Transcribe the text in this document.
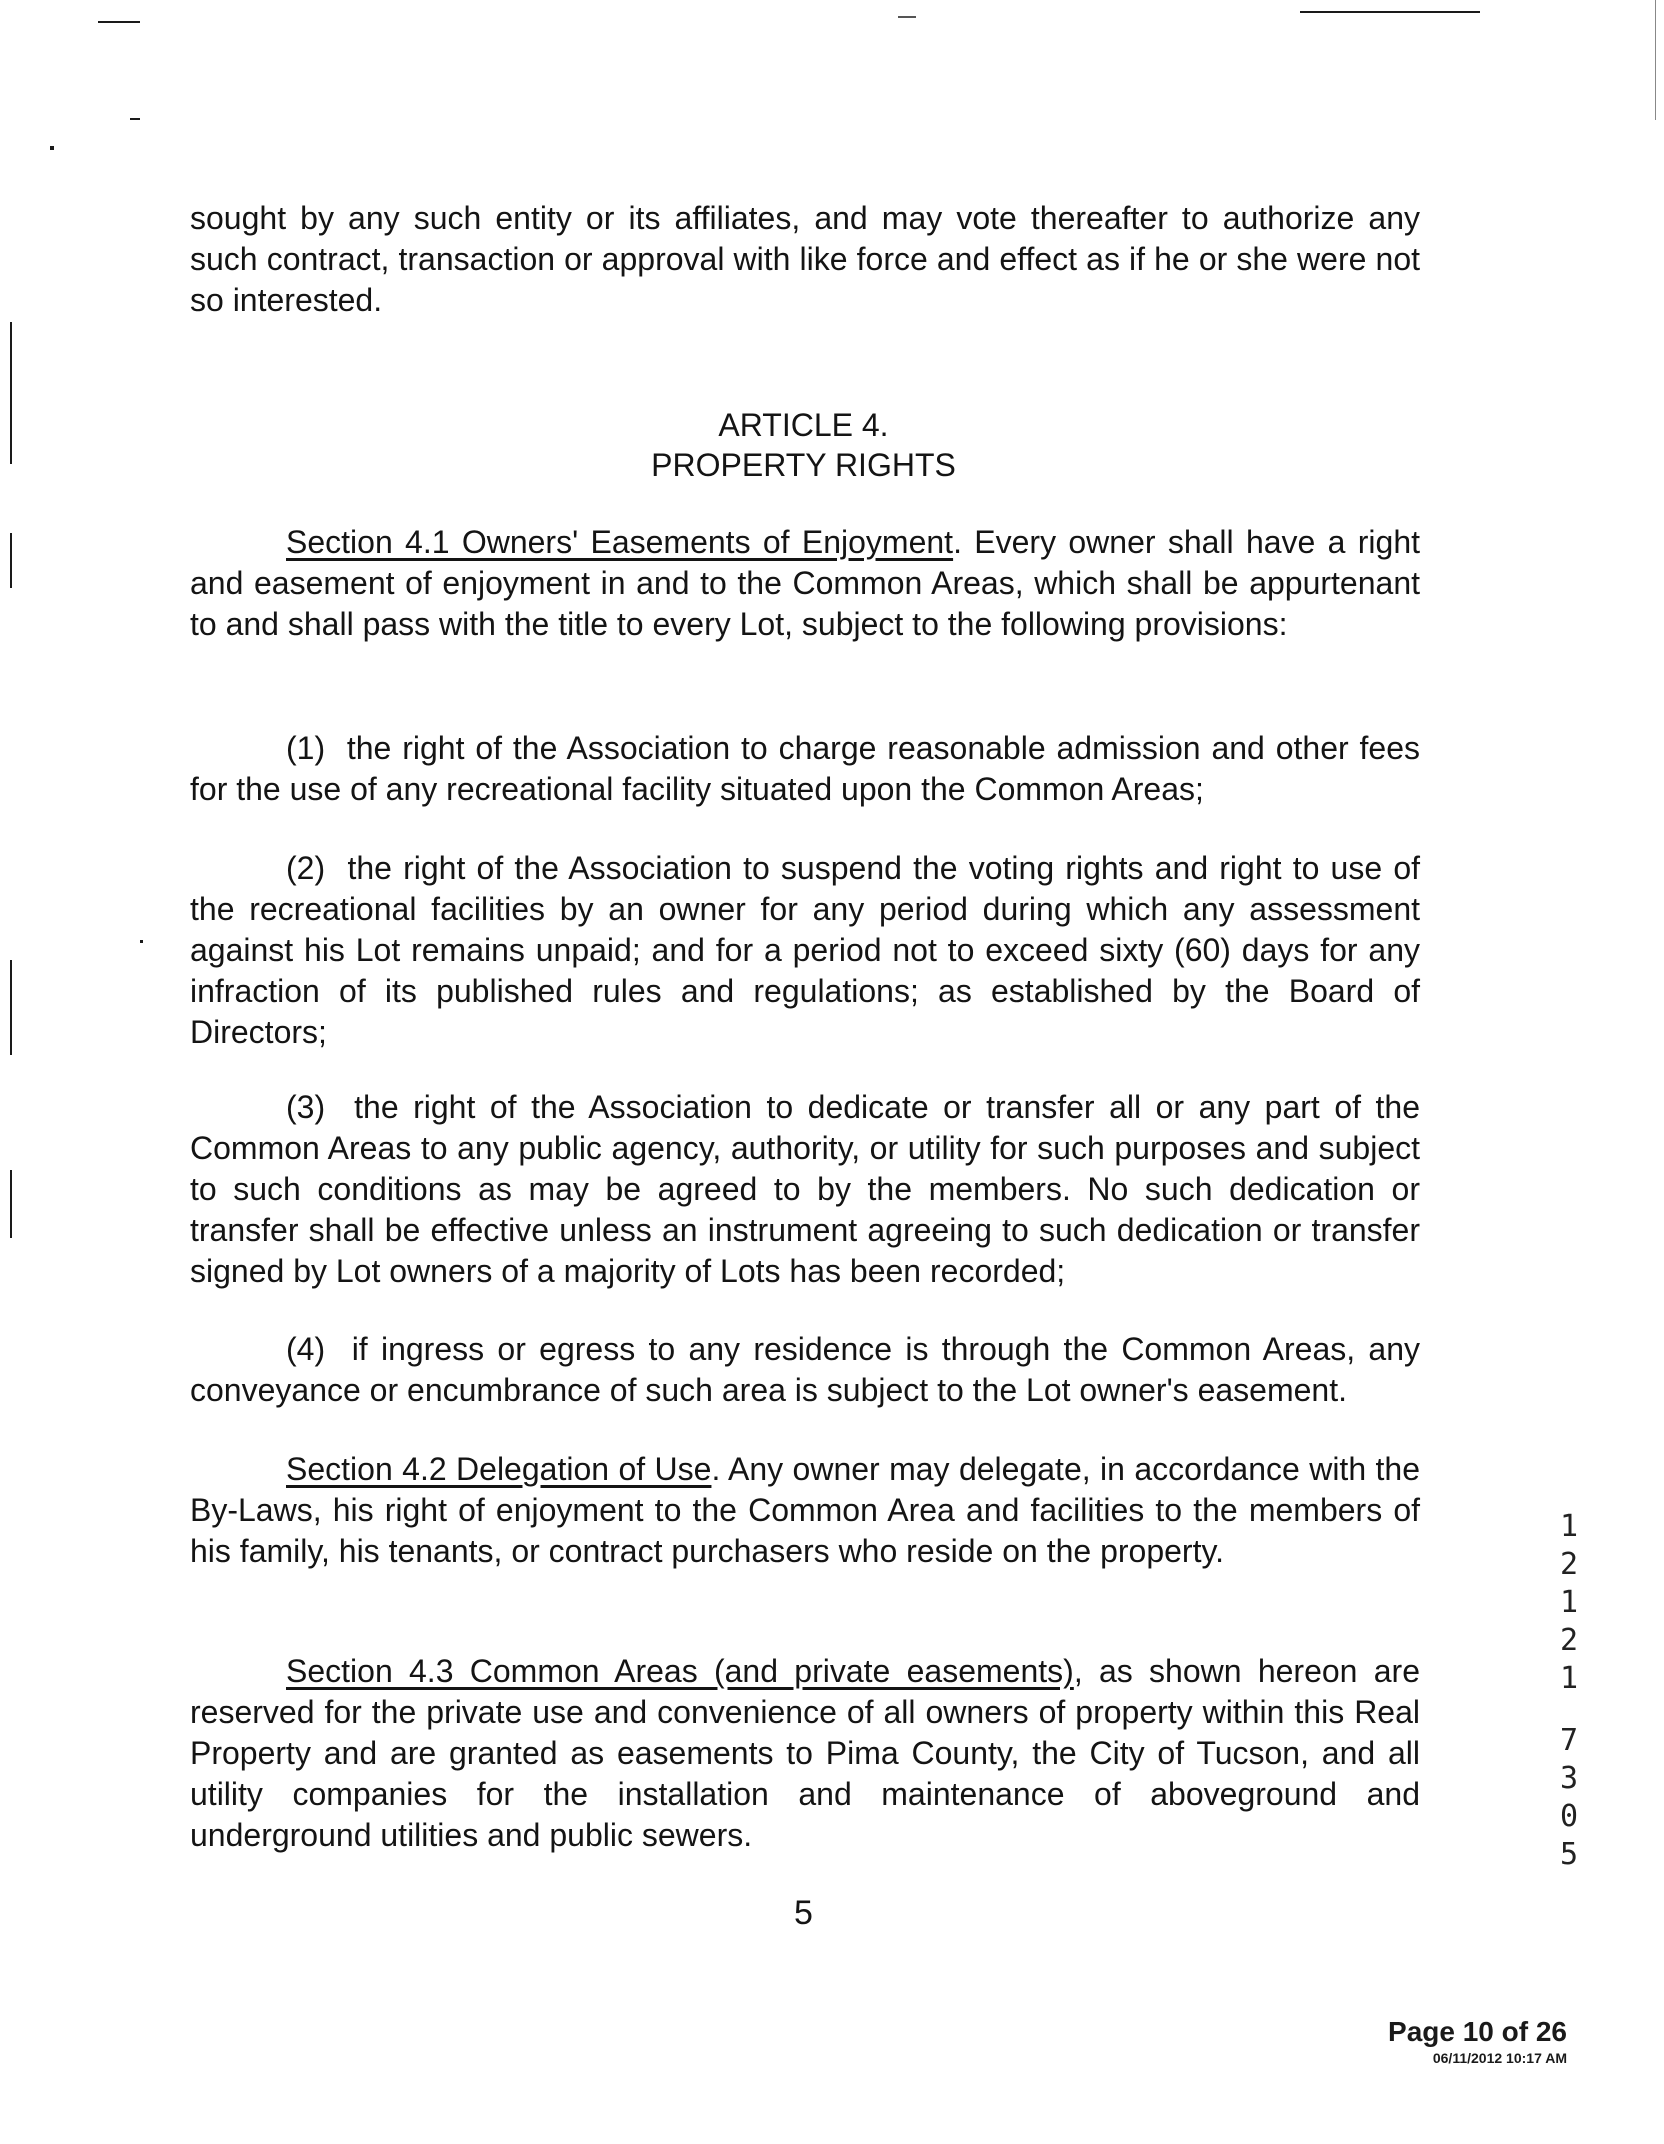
sought by any such entity or its affiliates, and may vote thereafter to authorize any such contract, transaction or approval with like force and effect as if he or she were not so interested.

ARTICLE 4.
PROPERTY RIGHTS

Section 4.1 Owners' Easements of Enjoyment. Every owner shall have a right and easement of enjoyment in and to the Common Areas, which shall be appurtenant to and shall pass with the title to every Lot, subject to the following provisions:

(1) the right of the Association to charge reasonable admission and other fees for the use of any recreational facility situated upon the Common Areas;

(2) the right of the Association to suspend the voting rights and right to use of the recreational facilities by an owner for any period during which any assessment against his Lot remains unpaid; and for a period not to exceed sixty (60) days for any infraction of its published rules and regulations; as established by the Board of Directors;

(3) the right of the Association to dedicate or transfer all or any part of the Common Areas to any public agency, authority, or utility for such purposes and subject to such conditions as may be agreed to by the members. No such dedication or transfer shall be effective unless an instrument agreeing to such dedication or transfer signed by Lot owners of a majority of Lots has been recorded;

(4) if ingress or egress to any residence is through the Common Areas, any conveyance or encumbrance of such area is subject to the Lot owner's easement.

Section 4.2 Delegation of Use. Any owner may delegate, in accordance with the By-Laws, his right of enjoyment to the Common Area and facilities to the members of his family, his tenants, or contract purchasers who reside on the property.

Section 4.3 Common Areas (and private easements), as shown hereon are reserved for the private use and convenience of all owners of property within this Real Property and are granted as easements to Pima County, the City of Tucson, and all utility companies for the installation and maintenance of aboveground and underground utilities and public sewers.

1
2
1
2
1
7
3
0
5
5
Page 10 of 26
06/11/2012 10:17 AM
